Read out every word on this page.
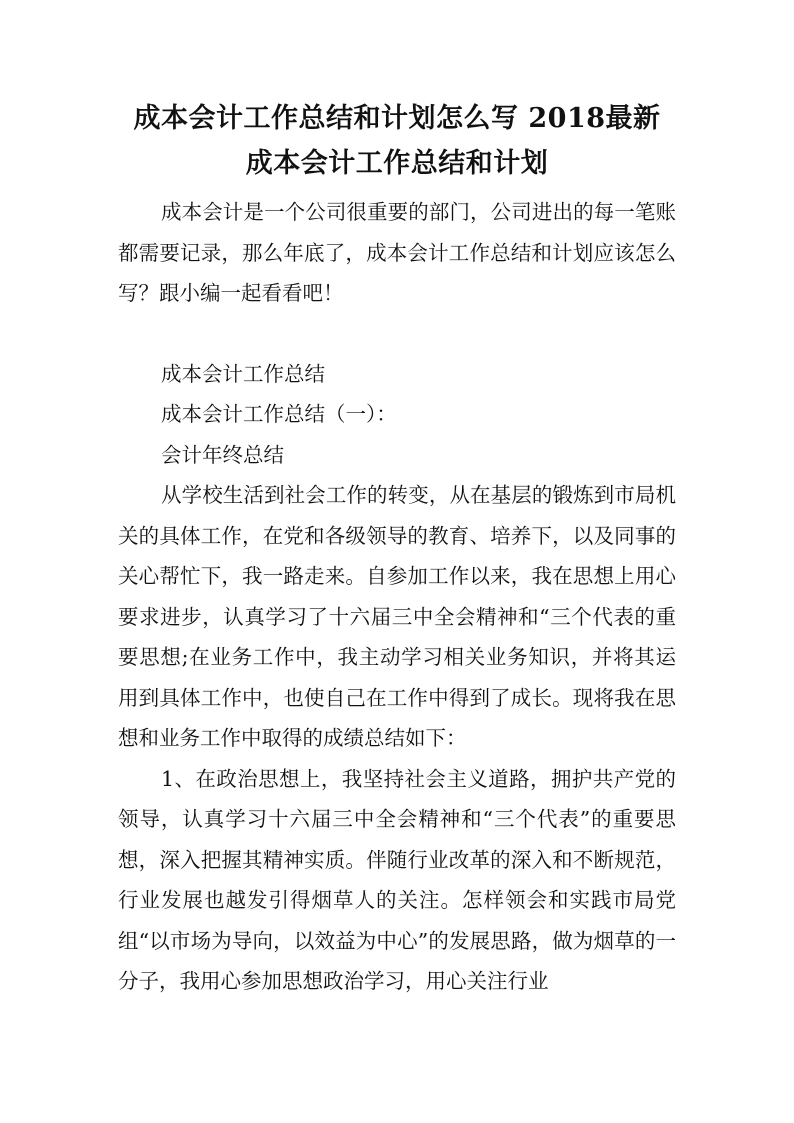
成本会计工作总结和计划怎么写 2018最新
成本会计工作总结和计划

成本会计是一个公司很重要的部门，公司进出的每一笔账都需要记录，那么年底了，成本会计工作总结和计划应该怎么写？跟小编一起看看吧！

成本会计工作总结

成本会计工作总结（一）：

会计年终总结

从学校生活到社会工作的转变，从在基层的锻炼到市局机关的具体工作，在党和各级领导的教育、培养下，以及同事的关心帮忙下，我一路走来。自参加工作以来，我在思想上用心要求进步，认真学习了十六届三中全会精神和“三个代表的重要思想;在业务工作中，我主动学习相关业务知识，并将其运用到具体工作中，也使自己在工作中得到了成长。现将我在思想和业务工作中取得的成绩总结如下：

1、在政治思想上，我坚持社会主义道路，拥护共产党的领导，认真学习十六届三中全会精神和“三个代表”的重要思想，深入把握其精神实质。伴随行业改革的深入和不断规范，行业发展也越发引得烟草人的关注。怎样领会和实践市局党组“以市场为导向，以效益为中心”的发展思路，做为烟草的一分子，我用心参加思想政治学习，用心关注行业
